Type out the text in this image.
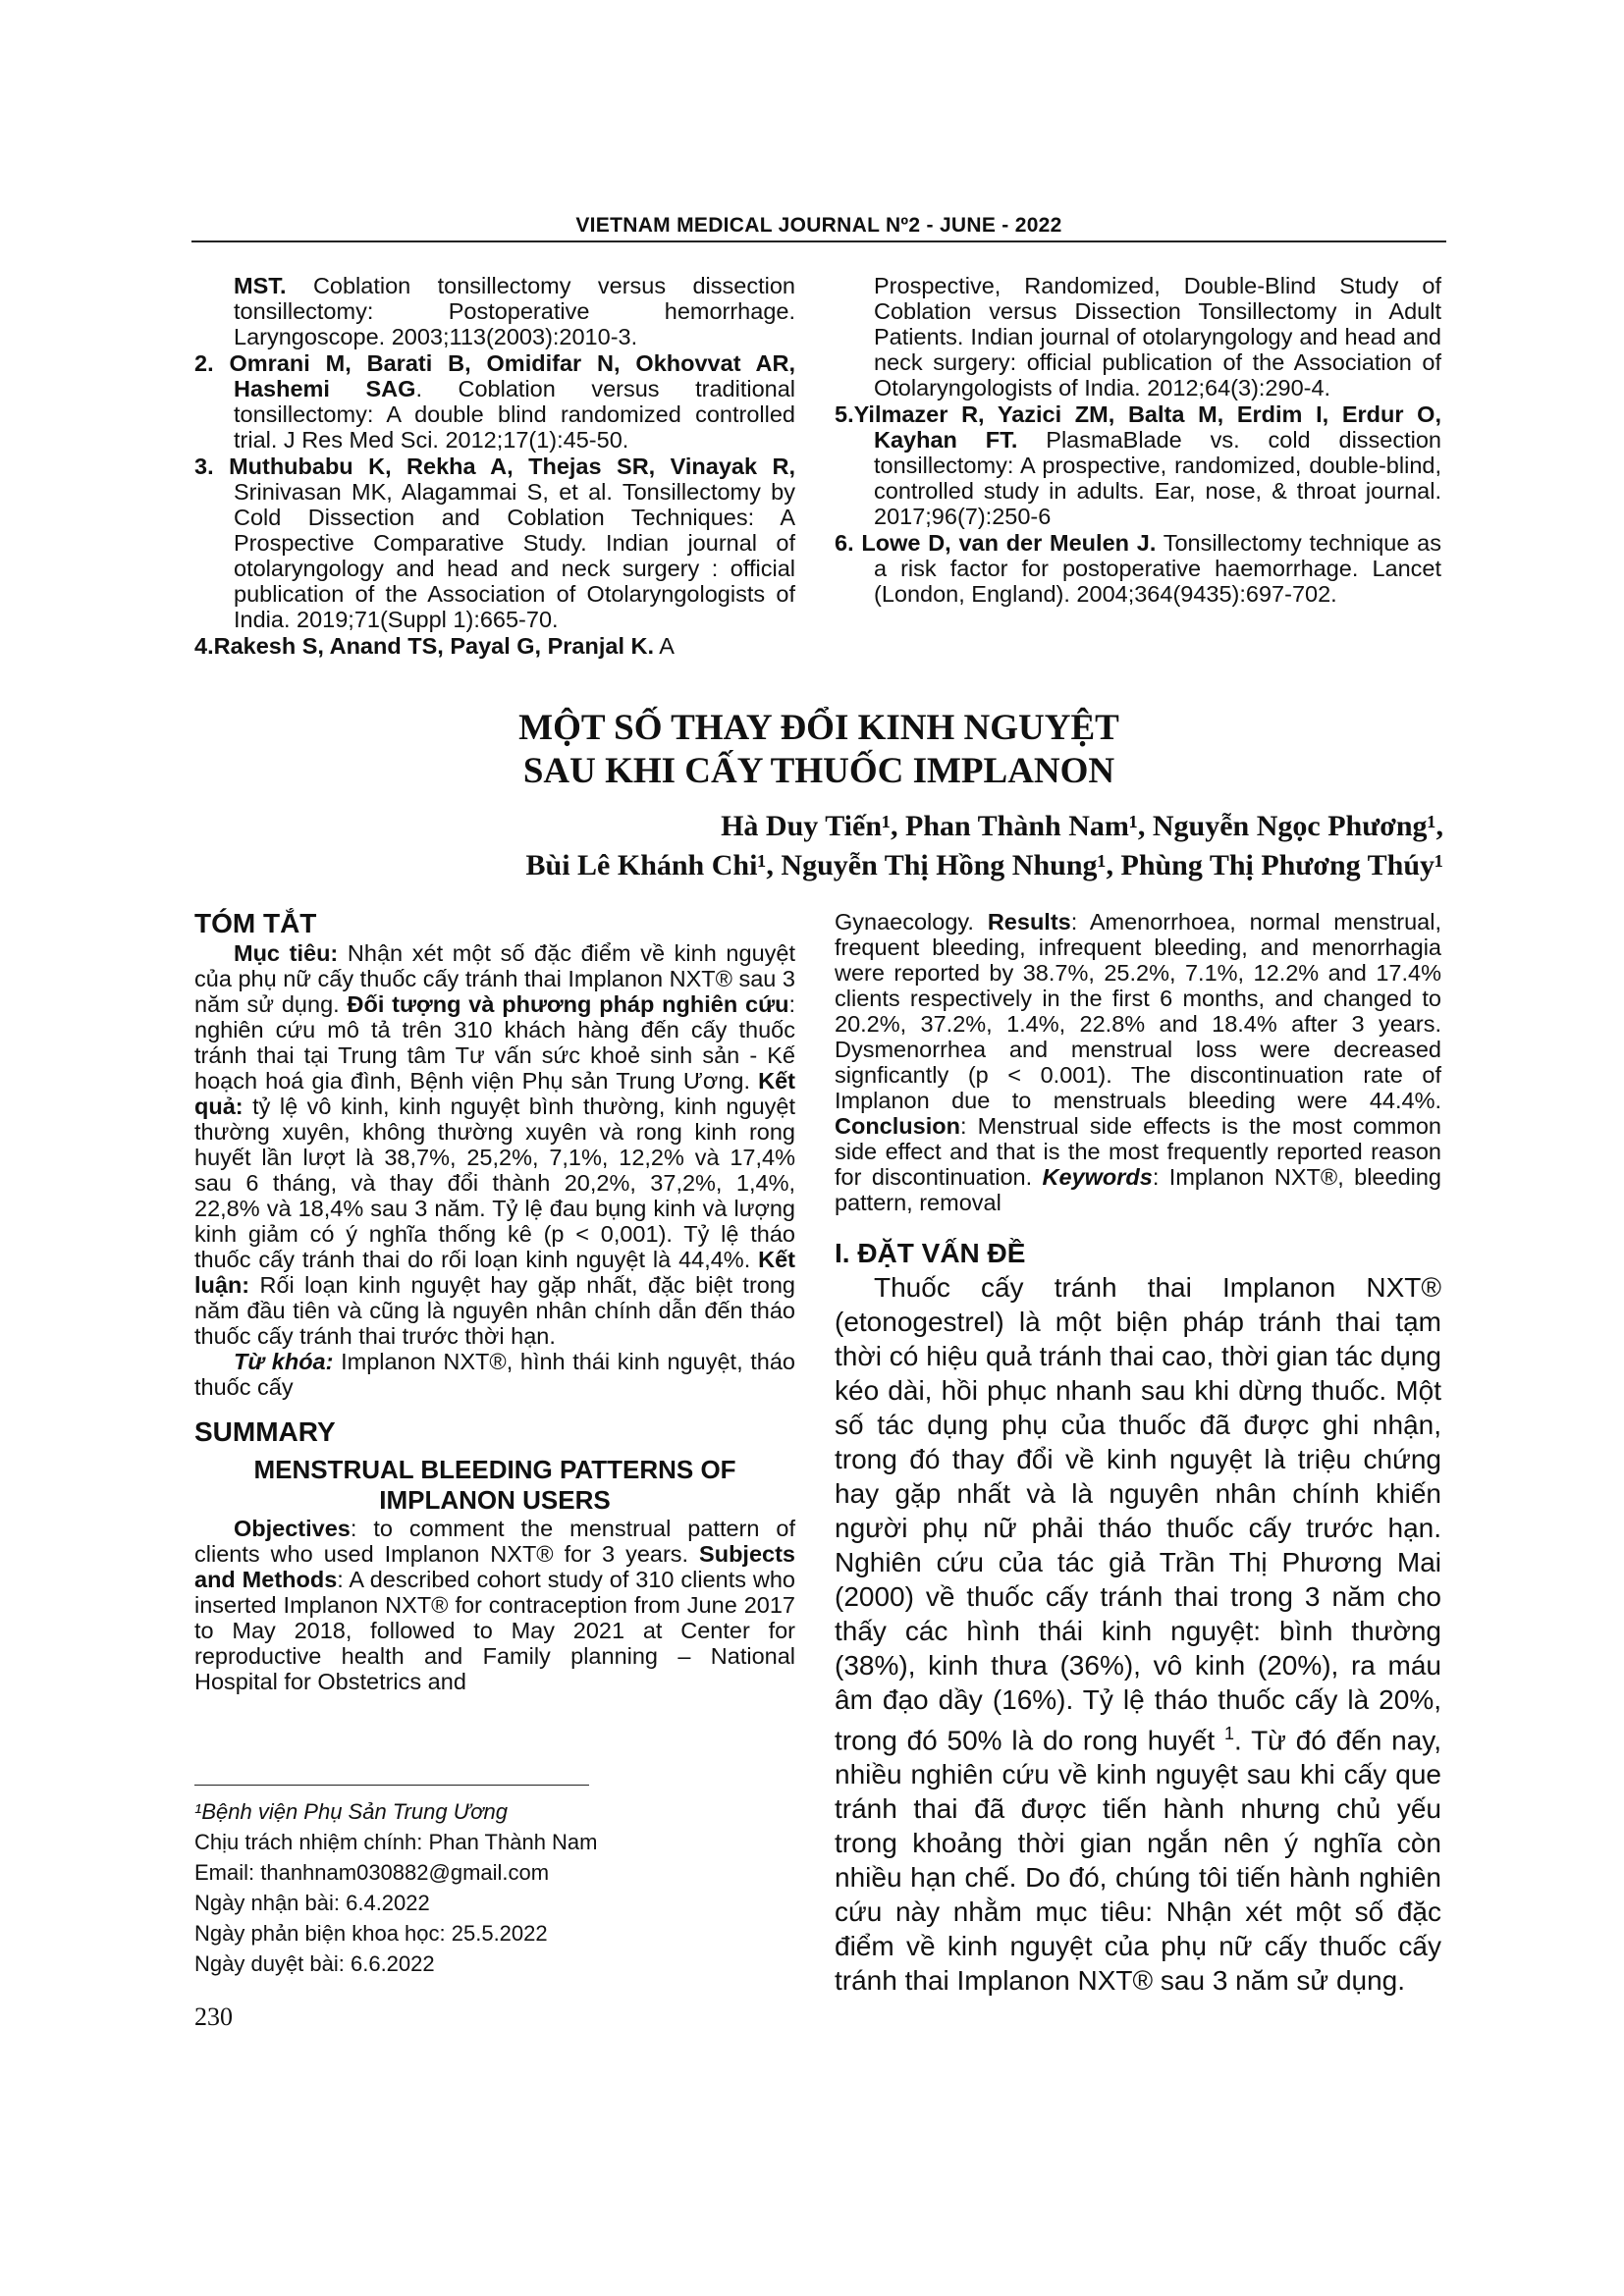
VIETNAM MEDICAL JOURNAL Nº2 - JUNE - 2022
MST. Coblation tonsillectomy versus dissection tonsillectomy: Postoperative hemorrhage. Laryngoscope. 2003;113(2003):2010-3.
2. Omrani M, Barati B, Omidifar N, Okhovvat AR, Hashemi SAG. Coblation versus traditional tonsillectomy: A double blind randomized controlled trial. J Res Med Sci. 2012;17(1):45-50.
3. Muthubabu K, Rekha A, Thejas SR, Vinayak R, Srinivasan MK, Alagammai S, et al. Tonsillectomy by Cold Dissection and Coblation Techniques: A Prospective Comparative Study. Indian journal of otolaryngology and head and neck surgery : official publication of the Association of Otolaryngologists of India. 2019;71(Suppl 1):665-70.
4.Rakesh S, Anand TS, Payal G, Pranjal K. A
Prospective, Randomized, Double-Blind Study of Coblation versus Dissection Tonsillectomy in Adult Patients. Indian journal of otolaryngology and head and neck surgery: official publication of the Association of Otolaryngologists of India. 2012;64(3):290-4.
5.Yilmazer R, Yazici ZM, Balta M, Erdim I, Erdur O, Kayhan FT. PlasmaBlade vs. cold dissection tonsillectomy: A prospective, randomized, double-blind, controlled study in adults. Ear, nose, & throat journal. 2017;96(7):250-6
6. Lowe D, van der Meulen J. Tonsillectomy technique as a risk factor for postoperative haemorrhage. Lancet (London, England). 2004;364(9435):697-702.
MỘT SỐ THAY ĐỔI KINH NGUYỆT
SAU KHI CẤY THUỐC IMPLANON
Hà Duy Tiến¹, Phan Thành Nam¹, Nguyễn Ngọc Phương¹,
Bùi Lê Khánh Chi¹, Nguyễn Thị Hồng Nhung¹, Phùng Thị Phương Thúy¹
TÓM TẮT

Mục tiêu: Nhận xét một số đặc điểm về kinh nguyệt của phụ nữ cấy thuốc cấy tránh thai Implanon NXT® sau 3 năm sử dụng. Đối tượng và phương pháp nghiên cứu: nghiên cứu mô tả trên 310 khách hàng đến cấy thuốc tránh thai tại Trung tâm Tư vấn sức khoẻ sinh sản - Kế hoạch hoá gia đình, Bệnh viện Phụ sản Trung Ương. Kết quả: tỷ lệ vô kinh, kinh nguyệt bình thường, kinh nguyệt thường xuyên, không thường xuyên và rong kinh rong huyết lần lượt là 38,7%, 25,2%, 7,1%, 12,2% và 17,4% sau 6 tháng, và thay đổi thành 20,2%, 37,2%, 1,4%, 22,8% và 18,4% sau 3 năm. Tỷ lệ đau bụng kinh và lượng kinh giảm có ý nghĩa thống kê (p < 0,001). Tỷ lệ tháo thuốc cấy tránh thai do rối loạn kinh nguyệt là 44,4%. Kết luận: Rối loạn kinh nguyệt hay gặp nhất, đặc biệt trong năm đầu tiên và cũng là nguyên nhân chính dẫn đến tháo thuốc cấy tránh thai trước thời hạn.

Từ khóa: Implanon NXT®, hình thái kinh nguyệt, tháo thuốc cấy

SUMMARY
MENSTRUAL BLEEDING PATTERNS OF
IMPLANON USERS

Objectives: to comment the menstrual pattern of clients who used Implanon NXT® for 3 years. Subjects and Methods: A described cohort study of 310 clients who inserted Implanon NXT® for contraception from June 2017 to May 2018, followed to May 2021 at Center for reproductive health and Family planning – National Hospital for Obstetrics and

¹Bệnh viện Phụ Sản Trung Ương
Chịu trách nhiệm chính: Phan Thành Nam
Email: thanhnam030882@gmail.com
Ngày nhận bài: 6.4.2022
Ngày phản biện khoa học: 25.5.2022
Ngày duyệt bài: 6.6.2022
230

Gynaecology. Results: Amenorrhoea, normal menstrual, frequent bleeding, infrequent bleeding, and menorrhagia were reported by 38.7%, 25.2%, 7.1%, 12.2% and 17.4% clients respectively in the first 6 months, and changed to 20.2%, 37.2%, 1.4%, 22.8% and 18.4% after 3 years. Dysmenorrhea and menstrual loss were decreased signficantly (p < 0.001). The discontinuation rate of Implanon due to menstruals bleeding were 44.4%. Conclusion: Menstrual side effects is the most common side effect and that is the most frequently reported reason for discontinuation. Keywords: Implanon NXT®, bleeding pattern, removal

I. ĐẶT VẤN ĐỀ

Thuốc cấy tránh thai Implanon NXT® (etonogestrel) là một biện pháp tránh thai tạm thời có hiệu quả tránh thai cao, thời gian tác dụng kéo dài, hồi phục nhanh sau khi dừng thuốc. Một số tác dụng phụ của thuốc đã được ghi nhận, trong đó thay đổi về kinh nguyệt là triệu chứng hay gặp nhất và là nguyên nhân chính khiến người phụ nữ phải tháo thuốc cấy trước hạn. Nghiên cứu của tác giả Trần Thị Phương Mai (2000) về thuốc cấy tránh thai trong 3 năm cho thấy các hình thái kinh nguyệt: bình thường (38%), kinh thưa (36%), vô kinh (20%), ra máu âm đạo dầy (16%). Tỷ lệ tháo thuốc cấy là 20%, trong đó 50% là do rong huyết $^1$. Từ đó đến nay, nhiều nghiên cứu về kinh nguyệt sau khi cấy que tránh thai đã được tiến hành nhưng chủ yếu trong khoảng thời gian ngắn nên ý nghĩa còn nhiều hạn chế. Do đó, chúng tôi tiến hành nghiên cứu này nhằm mục tiêu: Nhận xét một số đặc điểm về kinh nguyệt của phụ nữ cấy thuốc cấy tránh thai Implanon NXT® sau 3 năm sử dụng.
